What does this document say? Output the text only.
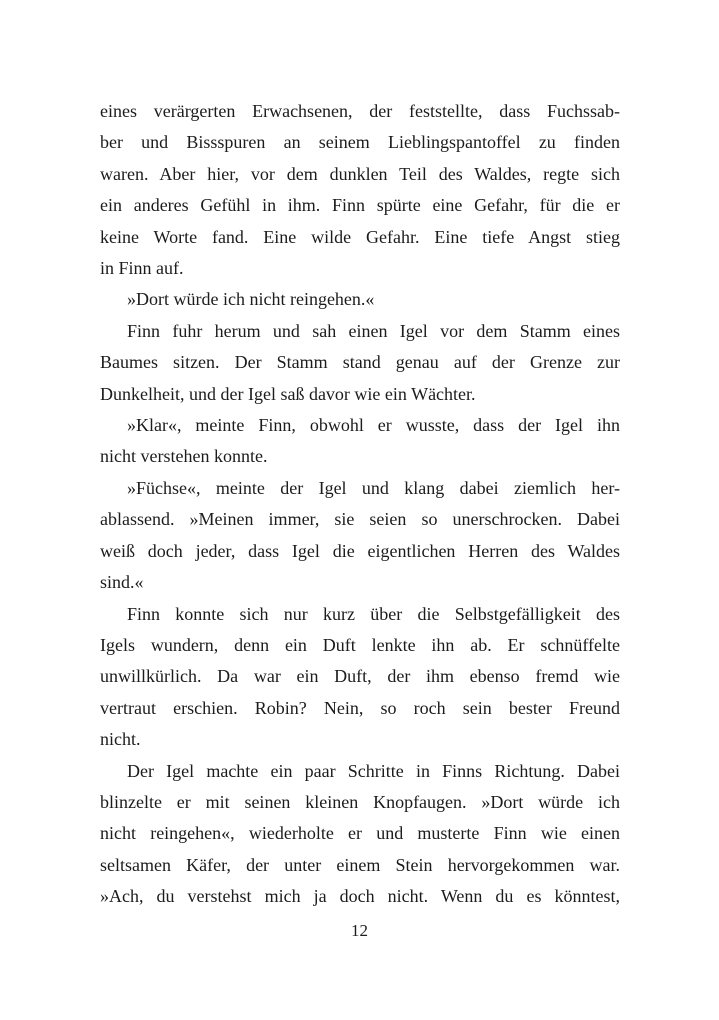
eines verärgerten Erwachsenen, der feststellte, dass Fuchssab-
ber und Bissspuren an seinem Lieblingspantoffel zu finden
waren. Aber hier, vor dem dunklen Teil des Waldes, regte sich
ein anderes Gefühl in ihm. Finn spürte eine Gefahr, für die er
keine Worte fand. Eine wilde Gefahr. Eine tiefe Angst stieg
in Finn auf.
»Dort würde ich nicht reingehen.«
Finn fuhr herum und sah einen Igel vor dem Stamm eines
Baumes sitzen. Der Stamm stand genau auf der Grenze zur
Dunkelheit, und der Igel saß davor wie ein Wächter.
»Klar«, meinte Finn, obwohl er wusste, dass der Igel ihn
nicht verstehen konnte.
»Füchse«, meinte der Igel und klang dabei ziemlich her-
ablassend. »Meinen immer, sie seien so unerschrocken. Dabei
weiß doch jeder, dass Igel die eigentlichen Herren des Waldes
sind.«
Finn konnte sich nur kurz über die Selbstgefälligkeit des
Igels wundern, denn ein Duft lenkte ihn ab. Er schnüffelte
unwillkürlich. Da war ein Duft, der ihm ebenso fremd wie
vertraut erschien. Robin? Nein, so roch sein bester Freund
nicht.
Der Igel machte ein paar Schritte in Finns Richtung. Dabei
blinzelte er mit seinen kleinen Knopfaugen. »Dort würde ich
nicht reingehen«, wiederholte er und musterte Finn wie einen
seltsamen Käfer, der unter einem Stein hervorgekommen war.
»Ach, du verstehst mich ja doch nicht. Wenn du es könntest,
12
